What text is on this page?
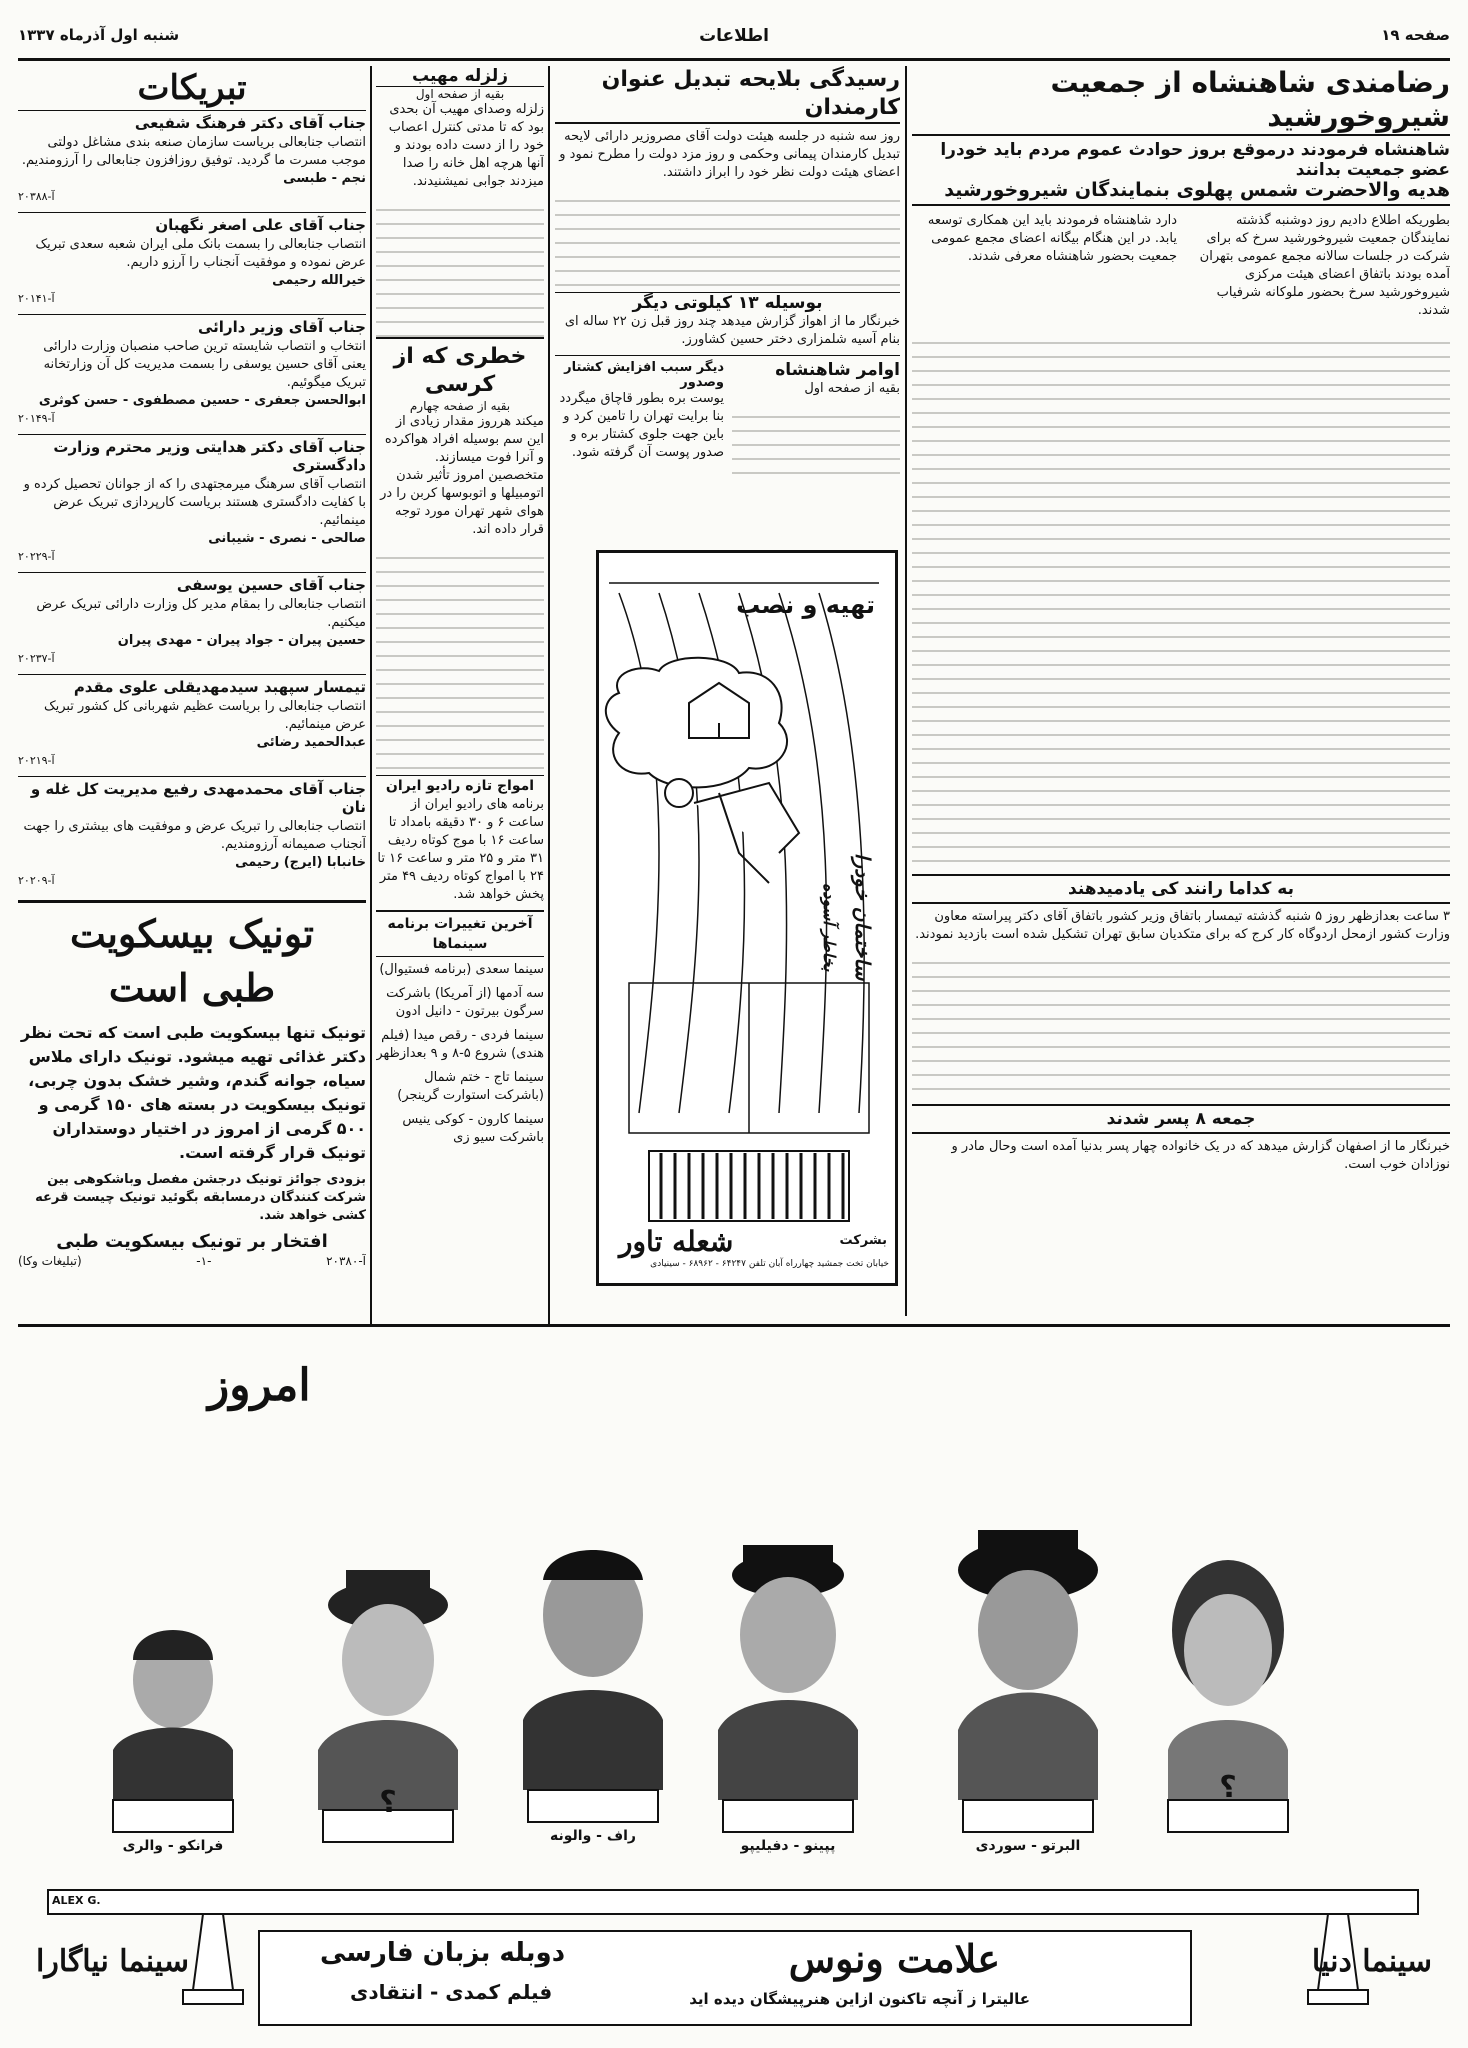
صفحه ۱۹
اطلاعات
شنبه اول آذرماه ۱۳۳۷
رضامندی شاهنشاه از جمعیت شیروخورشید
شاهنشاه فرمودند درموقع بروز حوادث عموم مردم باید خودرا عضو جمعیت بدانند
هدیه والاحضرت شمس پهلوی بنمایندگان شیروخورشید
بطوریکه اطلاع دادیم روز دوشنبه گذشته نمایندگان جمعیت شیروخورشید سرخ که برای شرکت در جلسات سالانه مجمع عمومی بتهران آمده بودند باتفاق اعضای هیئت مرکزی شیروخورشید سرخ بحضور ملوکانه شرفیاب شدند.
دارد شاهنشاه فرمودند باید این همکاری توسعه یابد. در این هنگام بیگانه اعضای مجمع عمومی جمعیت بحضور شاهنشاه معرفی شدند.
به کداما رانند کی یادمیدهند
۳ ساعت بعدازظهر روز ۵ شنبه گذشته تیمسار باتفاق وزیر کشور باتفاق آقای دکتر پیراسته معاون وزارت کشور ازمحل اردوگاه کار کرج که برای متکدیان سابق تهران تشکیل شده است بازدید نمودند.
جمعه ۸ پسر شدند
خبرنگار ما از اصفهان گزارش میدهد که در یک خانواده چهار پسر بدنیا آمده است وحال مادر و نوزادان خوب است.
رسیدگی بلایحه تبدیل عنوان کارمندان
روز سه شنبه در جلسه هیئت دولت آقای مصروزیر دارائی لایحه تبدیل کارمندان پیمانی وحکمی و روز مزد دولت را مطرح نمود و اعضای هیئت دولت نظر خود را ابراز داشتند.
بوسیله ۱۳ کیلوتی دیگر
خبرنگار ما از اهواز گزارش میدهد چند روز قبل زن ۲۲ ساله ای بنام آسیه شلمزاری دختر حسین کشاورز.
اوامر شاهنشاه
بقیه از صفحه اول
دیگر سبب افزایش کشتار وصدور
یوست بره بطور قاچاق میگردد بنا برایت تهران را تامین کرد و باین جهت جلوی کشتار بره و صدور پوست آن گرفته شود.
تهیه و نصب
ساختمان خودرا
بخاطر آسوده
بشرکت
شعله تاور
خیابان تخت جمشید چهارراه آبان تلفن ۶۴۲۴۷ - ۶۸۹۶۲ - سینیادی
زلزله مهیب
بقیه از صفحه اول
زلزله وصدای مهیب آن بحدی بود که تا مدتی کنترل اعصاب خود را از دست داده بودند و آنها هرچه اهل خانه را صدا میزدند جوابی نمیشنیدند.
خطری که از کرسی
بقیه از صفحه چهارم
میکند هرروز مقدار زیادی از این سم بوسیله افراد هواکرده و آنرا فوت میسازند. متخصصین امروز تأثیر شدن اتومبیلها و اتوبوسها کربن را در هوای شهر تهران مورد توجه قرار داده اند.
امواج تازه رادیو ایران
برنامه های رادیو ایران از ساعت ۶ و ۳۰ دقیقه بامداد تا ساعت ۱۶ با موج کوتاه ردیف ۳۱ متر و ۲۵ متر و ساعت ۱۶ تا ۲۴ با امواج کوتاه ردیف ۴۹ متر پخش خواهد شد.
آخرین تغییرات برنامه سینماها
سینما سعدی (برنامه فستیوال)
سه آدمها (از آمریکا) باشرکت سرگون بیرتون - دانیل ادون
سینما فردی - رقص میدا (فیلم هندی) شروع ۵-۸ و ۹ بعدازظهر
سینما تاج - ختم شمال (باشرکت استوارت گرینجر)
سینما کارون - کوکی ینیس باشرکت سیو زی
تبریکات
جناب آقای دکتر فرهنگ شفیعی
انتصاب جنابعالی بریاست سازمان صنعه بندی مشاغل دولتی موجب مسرت ما گردید. توفیق روزافزون جنابعالی را آرزومندیم.
نجم - طبسی
آ-۲۰۳۸۸
جناب آقای علی اصغر نگهبان
انتصاب جنابعالی را بسمت بانک ملی ایران شعبه سعدی تبریک عرض نموده و موفقیت آنجناب را آرزو داریم.
خیرالله رحیمی
آ-۲۰۱۴۱
جناب آقای وزیر دارائی
انتخاب و انتصاب شایسته ترین صاحب منصبان وزارت دارائی یعنی آقای حسین یوسفی را بسمت مدیریت کل آن وزارتخانه تبریک میگوئیم.
ابوالحسن جعفری - حسین مصطفوی - حسن کوثری
آ-۲۰۱۴۹
جناب آقای دکتر هدایتی وزیر محترم وزارت دادگستری
انتصاب آقای سرهنگ میرمجتهدی را که از جوانان تحصیل کرده و با کفایت دادگستری هستند بریاست کارپردازی تبریک عرض مینمائیم.
صالحی - نصری - شیبانی
آ-۲۰۲۲۹
جناب آقای حسین یوسفی
انتصاب جنابعالی را بمقام مدیر کل وزارت دارائی تبریک عرض میکنیم.
حسین پیران - جواد پیران - مهدی پیران
آ-۲۰۲۳۷
تیمسار سپهبد سیدمهدیقلی علوی مقدم
انتصاب جنابعالی را بریاست عظیم شهربانی کل کشور تبریک عرض مینمائیم.
عبدالحمید رضائی
آ-۲۰۲۱۹
جناب آقای محمدمهدی رفیع مدیریت کل غله و نان
انتصاب جنابعالی را تبریک عرض و موفقیت های بیشتری را جهت آنجناب صمیمانه آرزومندیم.
خانبابا (ایرج) رحیمی
آ-۲۰۲۰۹
تونیک بیسکویت
طبی است
تونیک تنها بیسکویت طبی است که تحت نظر دکتر غذائی تهیه میشود. تونیک دارای ملاس سیاه، جوانه گندم، وشیر خشک بدون چربی، تونیک بیسکویت در بسته های ۱۵۰ گرمی و ۵۰۰ گرمی از امروز در اختیار دوستداران تونیک قرار گرفته است.
بزودی جوائز تونیک درجشن مفصل وباشکوهی بین شرکت کنندگان درمسابقه بگوئید تونیک چیست قرعه کشی خواهد شد.
افتخار بر تونیک بیسکویت طبی
آ-۲۰۳۸۰
-۱-
(تبلیغات وکا)
امروز
البرتو - سوردی
پپینو - دفیلیپو
راف - والونه
فرانکو - والری
؟
؟
ALEX G.
علامت ونوس
دوبله بزبان فارسی
فیلم کمدی - انتقادی	عالیترا ز آنچه تاکنون ازاین هنرپیشگان دیده اید
سینما دنیا
سینما نیاگارا
